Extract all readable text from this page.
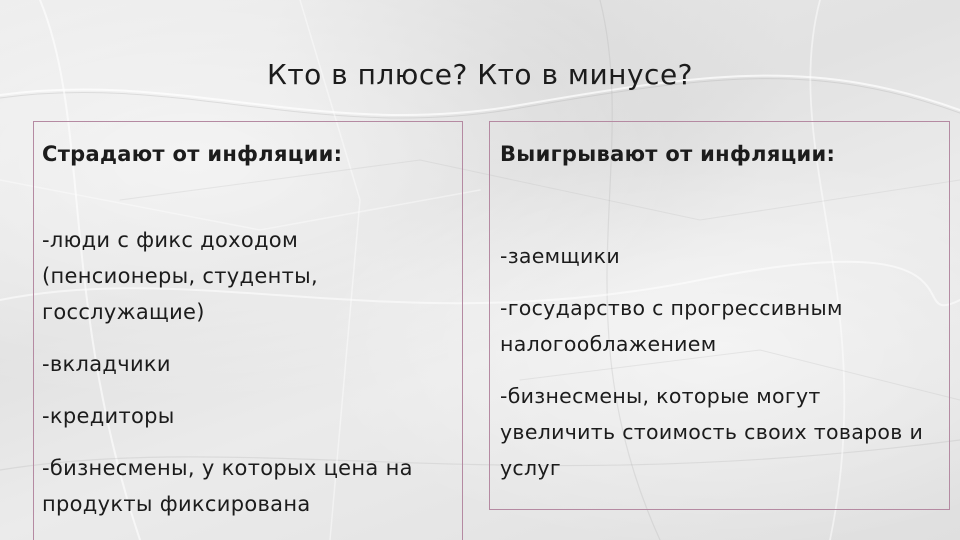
Кто в плюсе? Кто в минусе?

Страдают от инфляции:

-люди с фикс доходом (пенсионеры, студенты, госслужащие)
-вкладчики
-кредиторы
-бизнесмены, у которых цена на продукты фиксирована

Выигрывают от инфляции:

-заемщики
-государство с прогрессивным налогооблажением
-бизнесмены, которые могут увеличить стоимость своих товаров и услуг
